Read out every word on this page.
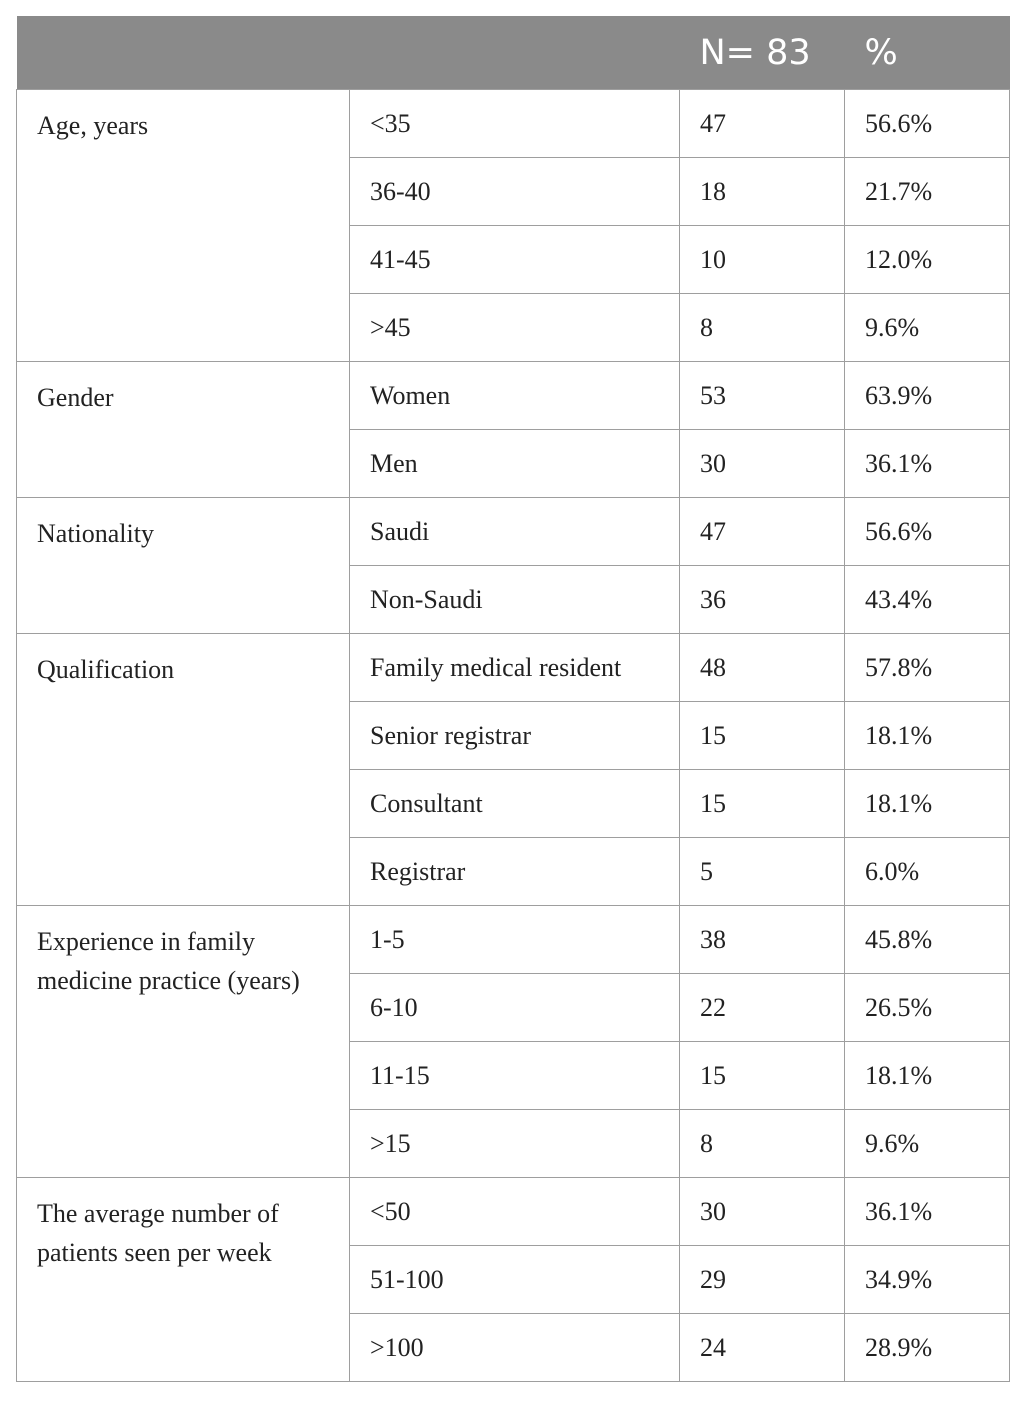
		N= 83	%
Age, years	<35	47	56.6%
	36-40	18	21.7%
	41-45	10	12.0%
	>45	8	9.6%
Gender	Women	53	63.9%
	Men	30	36.1%
Nationality	Saudi	47	56.6%
	Non-Saudi	36	43.4%
Qualification	Family medical resident	48	57.8%
	Senior registrar	15	18.1%
	Consultant	15	18.1%
	Registrar	5	6.0%
Experience in family medicine practice (years)	1-5	38	45.8%
	6-10	22	26.5%
	11-15	15	18.1%
	>15	8	9.6%
The average number of patients seen per week	<50	30	36.1%
	51-100	29	34.9%
	>100	24	28.9%
